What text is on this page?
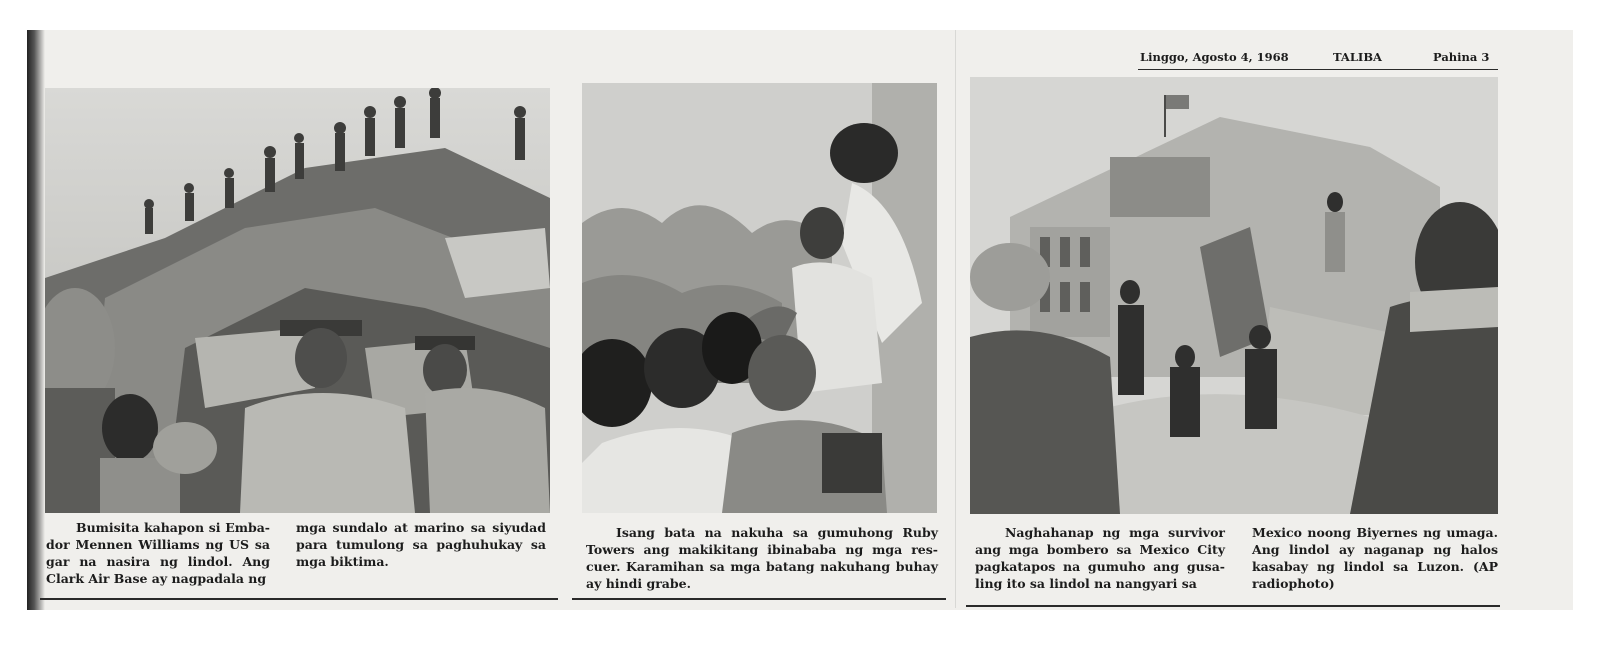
Linggo, Agosto 4, 1968	TALIBA	Pahina 3

Bumisita kahapon si Emba-dor Mennen Williams ng US sa gar na nasira ng lindol. Ang Clark Air Base ay nagpadala ng

mga sundalo at marino sa siyudad para tumulong sa paghuhukay sa mga biktima.

Isang bata na nakuha sa gumuhong Ruby Towers ang makikitang ibinababa ng mga res-cuer. Karamihan sa mga batang nakuhang buhay ay hindi grabe.

Naghahanap ng mga survivor ang mga bombero sa Mexico City pagkatapos na gumuho ang gusa-ling ito sa lindol na nangyari sa

Mexico noong Biyernes ng umaga. Ang lindol ay naganap ng halos kasabay ng lindol sa Luzon. (AP radiophoto)
